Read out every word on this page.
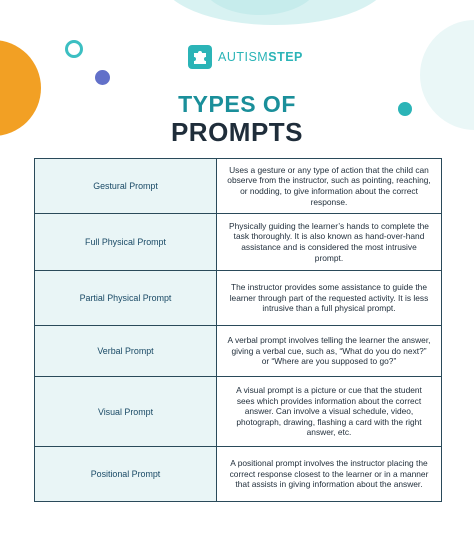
AUTISMSTEP
TYPES OF
PROMPTS
Gestural Prompt	Uses a gesture or any type of action that the child can observe from the instructor, such as pointing, reaching, or nodding, to give information about the correct response.
Full Physical Prompt	Physically guiding the learner’s hands to complete the task thoroughly. It is also known as hand-over-hand assistance and is considered the most intrusive prompt.
Partial Physical Prompt	The instructor provides some assistance to guide the learner through part of the requested activity. It is less intrusive than a full physical prompt.
Verbal Prompt	A verbal prompt involves telling the learner the answer, giving a verbal cue, such as, “What do you do next?” or “Where are you supposed to go?”
Visual Prompt	A visual prompt is a picture or cue that the student sees which provides information about the correct answer. Can involve a visual schedule, video, photograph, drawing, flashing a card with the right answer, etc.
Positional Prompt	A positional prompt involves the instructor placing the correct response closest to the learner or in a manner that assists in giving information about the answer.
